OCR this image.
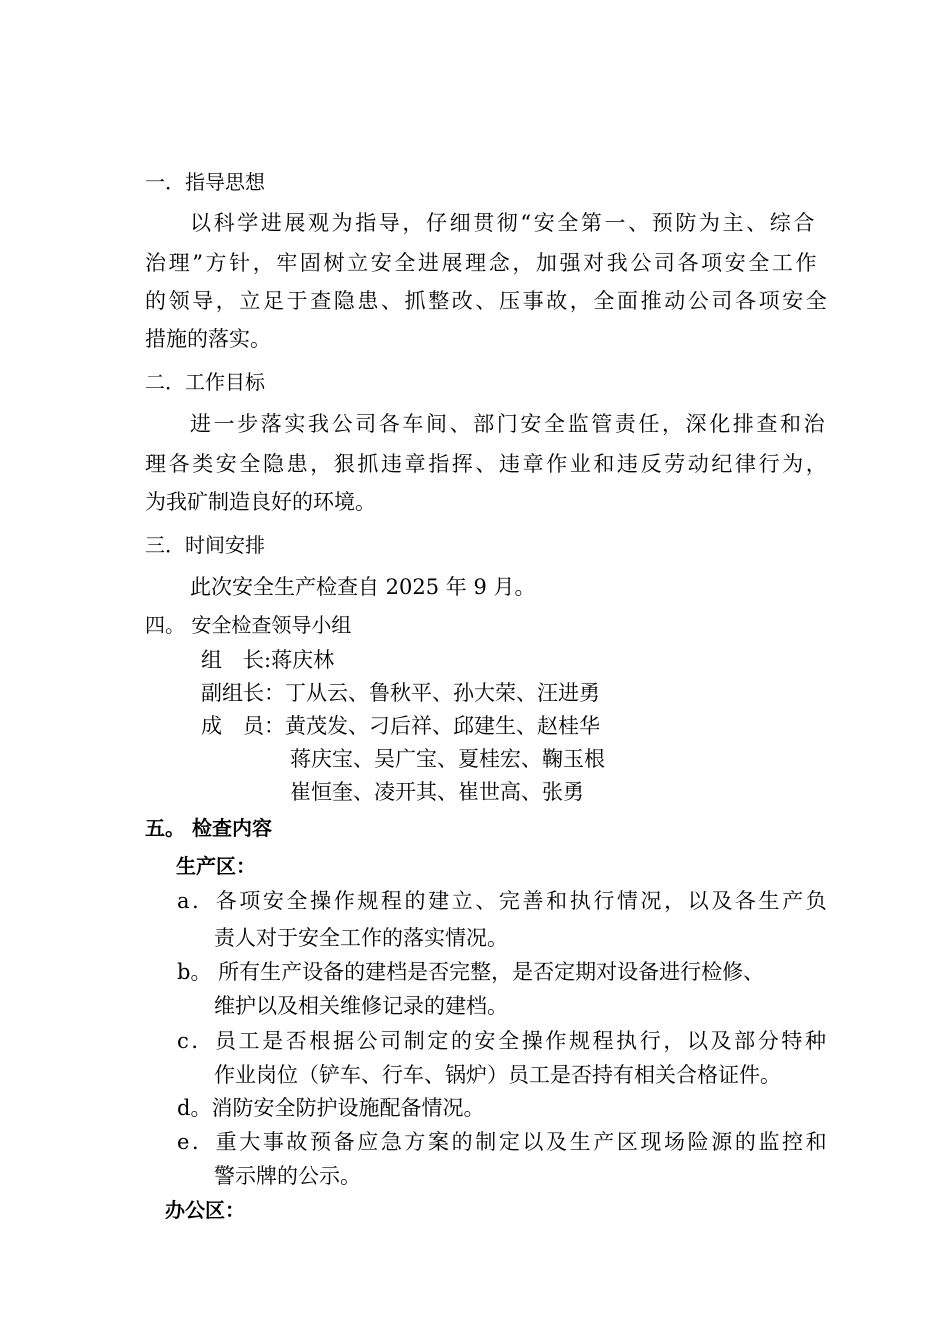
一．指导思想
以科学进展观为指导，仔细贯彻“安全第一、预防为主、综合
治理”方针，牢固树立安全进展理念，加强对我公司各项安全工作
的领导，立足于查隐患、抓整改、压事故，全面推动公司各项安全
措施的落实。
二．工作目标
进一步落实我公司各车间、部门安全监管责任，深化排查和治
理各类安全隐患，狠抓违章指挥、违章作业和违反劳动纪律行为，
为我矿制造良好的环境。
三．时间安排
此次安全生产检查自 2025 年 9 月。
四。 安全检查领导小组
组　长:蒋庆林
副组长：丁从云、鲁秋平、孙大荣、汪进勇
成　员：黄茂发、刁后祥、邱建生、赵桂华
蒋庆宝、吴广宝、夏桂宏、鞠玉根
崔恒奎、凌开其、崔世高、张勇
五。 检查内容
生产区：
a．各项安全操作规程的建立、完善和执行情况，以及各生产负
责人对于安全工作的落实情况。
b。 所有生产设备的建档是否完整，是否定期对设备进行检修、
维护以及相关维修记录的建档。
c．员工是否根据公司制定的安全操作规程执行，以及部分特种
作业岗位（铲车、行车、锅炉）员工是否持有相关合格证件。
d。消防安全防护设施配备情况。
e．重大事故预备应急方案的制定以及生产区现场险源的监控和
警示牌的公示。
办公区：
